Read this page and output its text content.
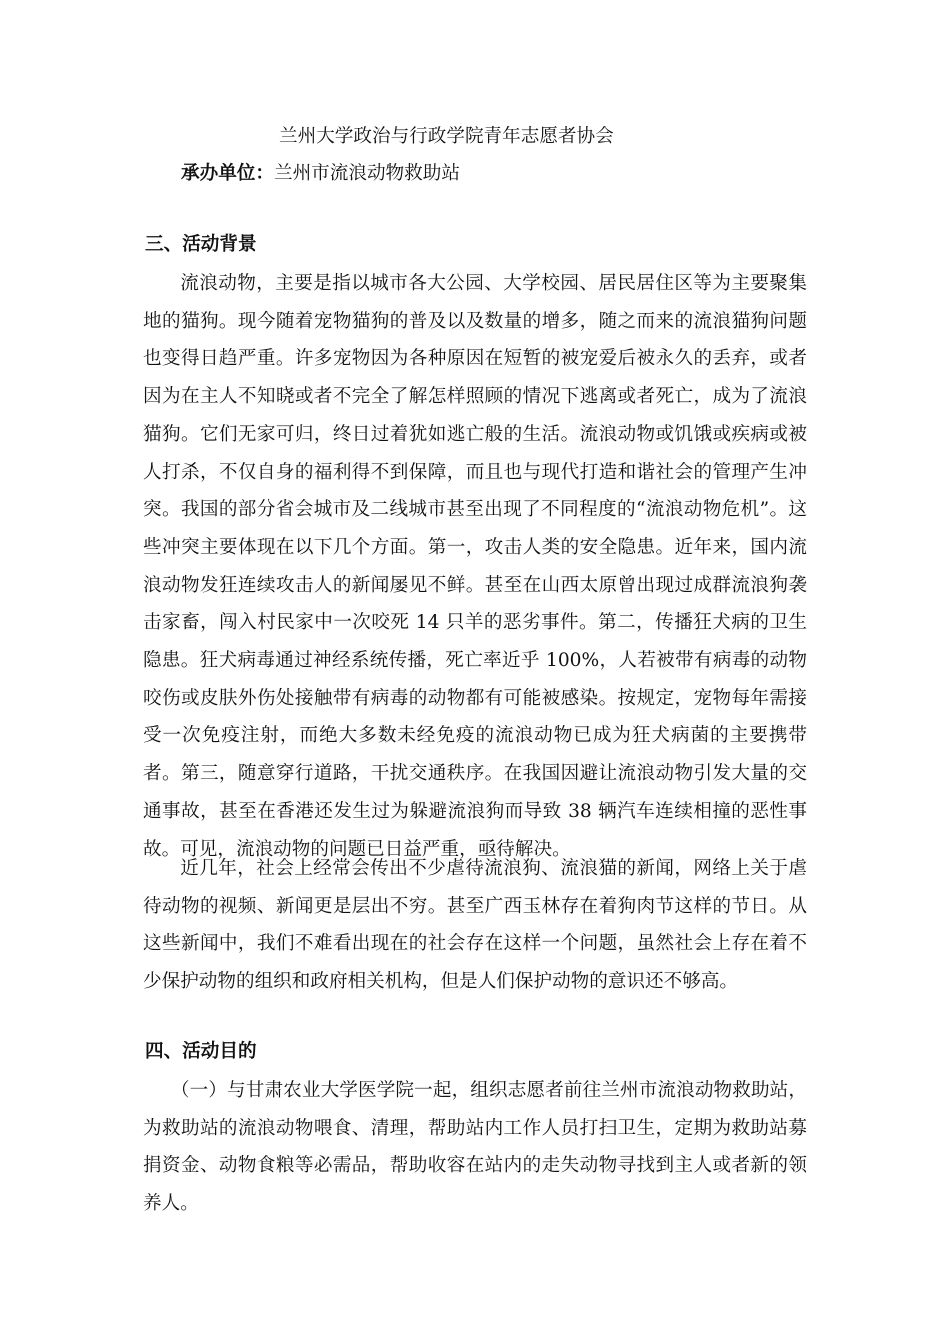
兰州大学政治与行政学院青年志愿者协会

承办单位：兰州市流浪动物救助站

三、活动背景

流浪动物，主要是指以城市各大公园、大学校园、居民居住区等为主要聚集地的猫狗。现今随着宠物猫狗的普及以及数量的增多，随之而来的流浪猫狗问题也变得日趋严重。许多宠物因为各种原因在短暂的被宠爱后被永久的丢弃，或者因为在主人不知晓或者不完全了解怎样照顾的情况下逃离或者死亡，成为了流浪猫狗。它们无家可归，终日过着犹如逃亡般的生活。流浪动物或饥饿或疾病或被人打杀，不仅自身的福利得不到保障，而且也与现代打造和谐社会的管理产生冲突。我国的部分省会城市及二线城市甚至出现了不同程度的“流浪动物危机”。这些冲突主要体现在以下几个方面。第一，攻击人类的安全隐患。近年来，国内流浪动物发狂连续攻击人的新闻屡见不鲜。甚至在山西太原曾出现过成群流浪狗袭击家畜，闯入村民家中一次咬死 14 只羊的恶劣事件。第二，传播狂犬病的卫生隐患。狂犬病毒通过神经系统传播，死亡率近乎 100%，人若被带有病毒的动物咬伤或皮肤外伤处接触带有病毒的动物都有可能被感染。按规定，宠物每年需接受一次免疫注射，而绝大多数未经免疫的流浪动物已成为狂犬病菌的主要携带者。第三，随意穿行道路，干扰交通秩序。在我国因避让流浪动物引发大量的交通事故，甚至在香港还发生过为躲避流浪狗而导致 38 辆汽车连续相撞的恶性事故。可见，流浪动物的问题已日益严重，亟待解决。

近几年，社会上经常会传出不少虐待流浪狗、流浪猫的新闻，网络上关于虐待动物的视频、新闻更是层出不穷。甚至广西玉林存在着狗肉节这样的节日。从这些新闻中，我们不难看出现在的社会存在这样一个问题，虽然社会上存在着不少保护动物的组织和政府相关机构，但是人们保护动物的意识还不够高。

四、活动目的

（一）与甘肃农业大学医学院一起，组织志愿者前往兰州市流浪动物救助站，为救助站的流浪动物喂食、清理，帮助站内工作人员打扫卫生，定期为救助站募捐资金、动物食粮等必需品，帮助收容在站内的走失动物寻找到主人或者新的领养人。
